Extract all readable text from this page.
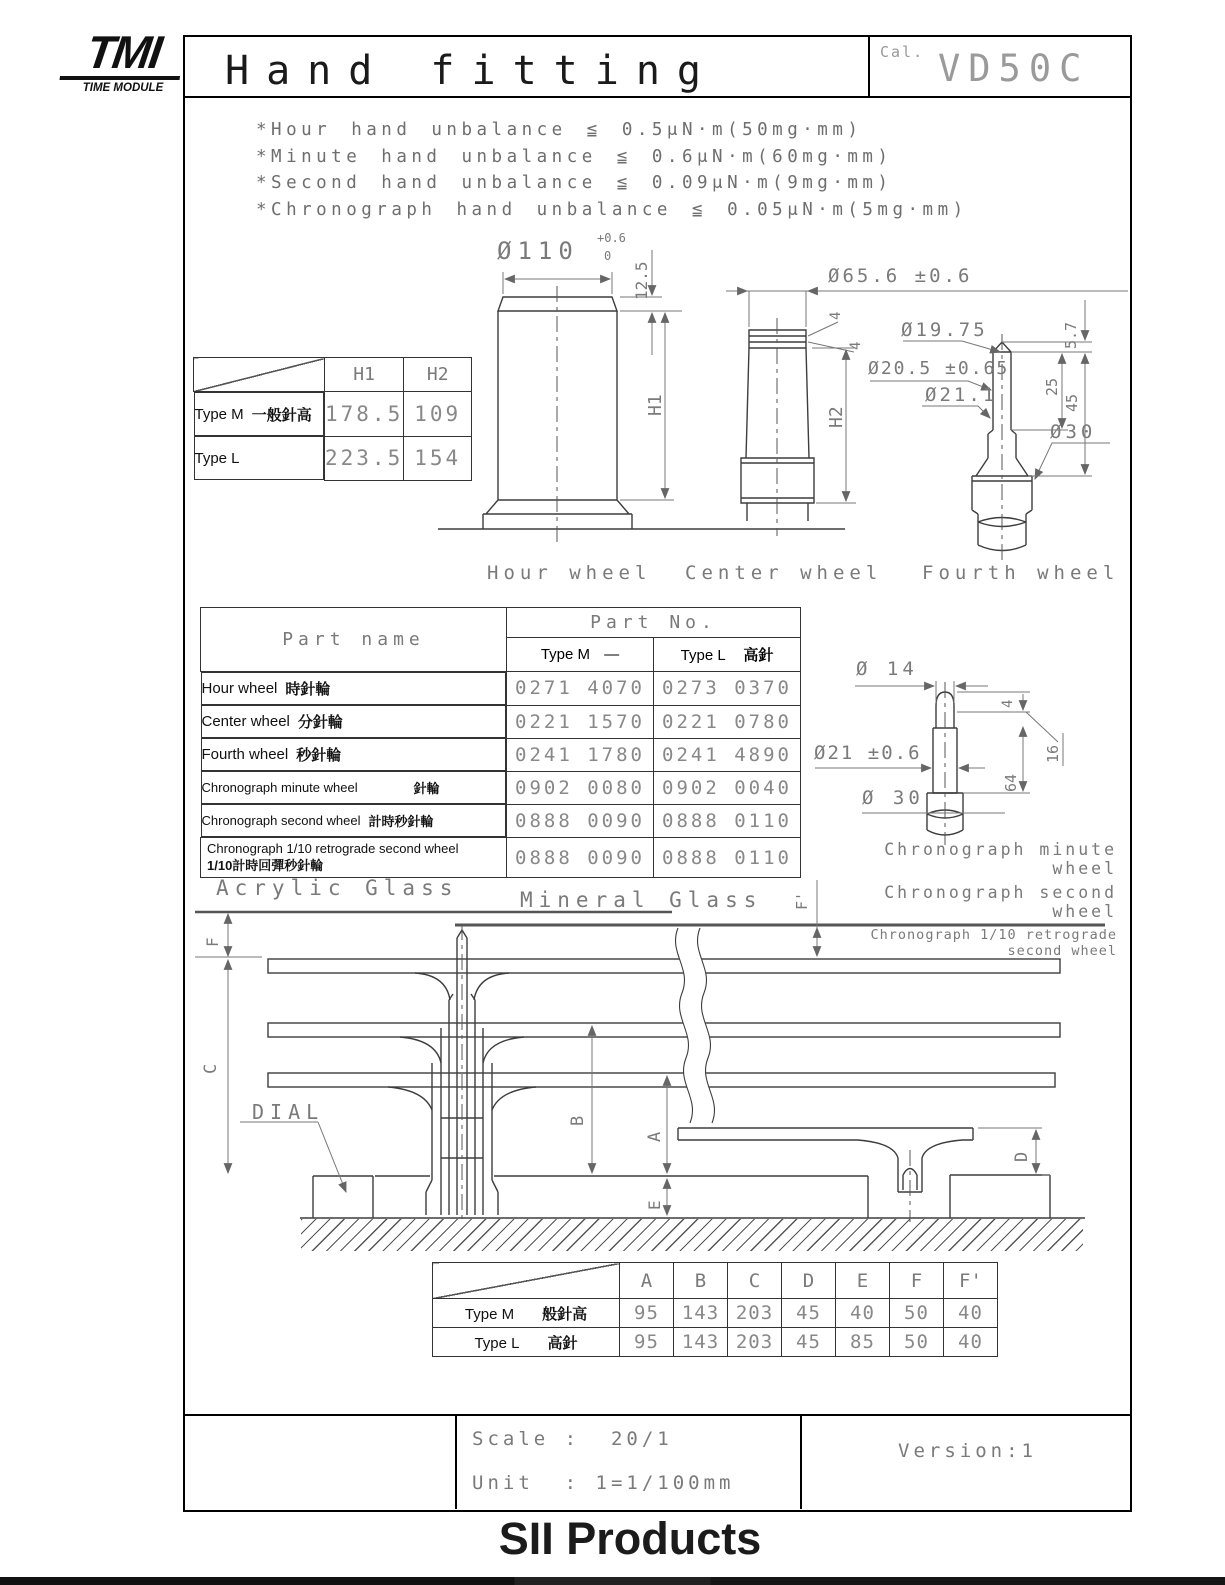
TMI
TIME MODULE	Hand fitting	Cal. VD50C
*Hour hand unbalance ≦ 0.5μN·m(50mg·mm)
*Minute hand unbalance ≦ 0.6μN·m(60mg·mm)
*Second hand unbalance ≦ 0.09μN·m(9mg·mm)
*Chronograph hand unbalance ≦ 0.05μN·m(5mg·mm)
	H1	H2

Type M 一般針高 178.5	109

Type L	223.5	154
Ø110 +0.6
0
12.5
H1
Ø65.6 ±0.6
4
4
H2
Ø19.75
Ø20.5 ±0.65
Ø21.1
Ø30
5.7
25
45
Hour wheel Center wheel Fourth wheel
Part name	Part No.	
	Type M —	Type L 高針

Hour wheel 時針輪	0271 4070	0273 0370

Center wheel 分針輪	0221 1570	0221 0780

Fourth wheel 秒針輪	0241 1780	0241 4890

Chronograph minute wheel	針輪	0902 0080	0902 0040

Chronograph second wheel 計時秒針輪	0888 0090	0888 0110

Chronograph 1/10 retrograde second wheel
1/10計時回彈秒針輪	0888 0090	0888 0110
Ø 14
Ø21 ±0.6
Ø 30
4
16
64
Chronograph minute wheel
Chronograph second wheel
Chronograph 1/10 retrograde second wheel
Acrylic Glass	Mineral Glass
DIAL
F
C
B
A
E
D
F'
	A	B	C	D	E	F	F'
Type M 般針高	95	143	203	45	40	50	40
Type L 高針	95	143	203	45	85	50	40
Scale :  20/1
Unit  : 1=1/100mm
Version:1
SII Products
